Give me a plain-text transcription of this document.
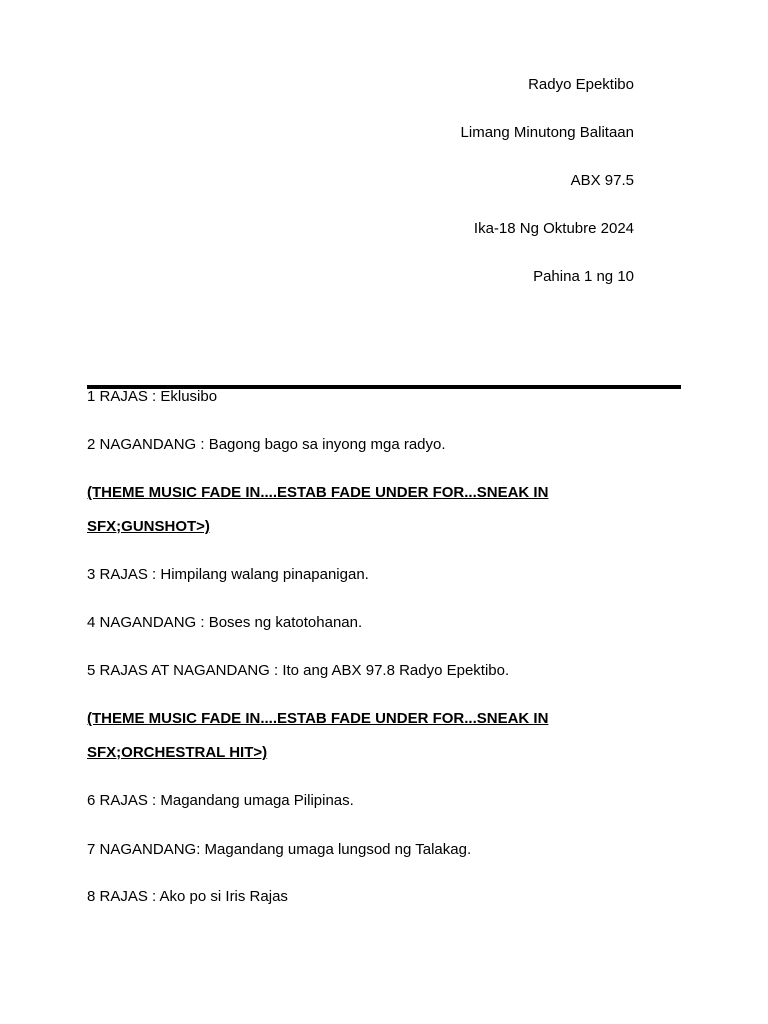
Radyo Epektibo
Limang Minutong Balitaan
ABX 97.5
Ika-18 Ng Oktubre 2024
Pahina 1 ng 10
1 RAJAS : Eklusibo
2 NAGANDANG : Bagong bago sa inyong mga radyo.
(THEME MUSIC FADE IN....ESTAB FADE UNDER FOR...SNEAK IN
SFX;GUNSHOT>)
3 RAJAS : Himpilang walang pinapanigan.
4 NAGANDANG : Boses ng katotohanan.
5 RAJAS AT NAGANDANG : Ito ang ABX 97.8 Radyo Epektibo.
(THEME MUSIC FADE IN....ESTAB FADE UNDER FOR...SNEAK IN
SFX;ORCHESTRAL HIT>)
6 RAJAS : Magandang umaga Pilipinas.
7 NAGANDANG: Magandang umaga lungsod ng Talakag.
8 RAJAS : Ako po si Iris Rajas
